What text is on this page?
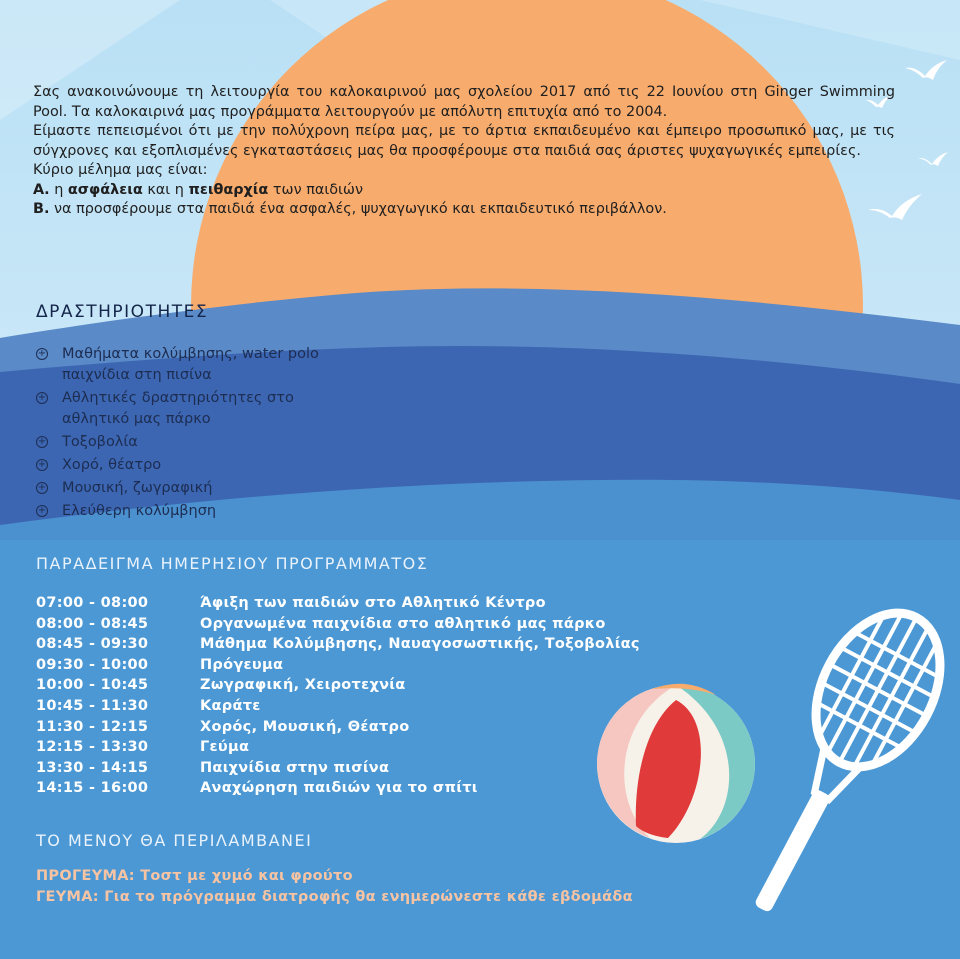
Σας ανακοινώνουμε τη λειτουργία του καλοκαιρινού μας σχολείου 2017 από τις 22 Ιουνίου στη Ginger Swimming Pool. Τα καλοκαιρινά μας προγράμματα λειτουργούν με απόλυτη επιτυχία από το 2004.

Είμαστε πεπεισμένοι ότι με την πολύχρονη πείρα μας, με το άρτια εκπαιδευμένο και έμπειρο προσωπικό μας, με τις σύγχρονες και εξοπλισμένες εγκαταστάσεις μας θα προσφέρουμε στα παιδιά σας άριστες ψυχαγωγικές εμπειρίες.

Κύριο μέλημα μας είναι:

Α. η ασφάλεια και η πειθαρχία των παιδιών

Β. να προσφέρουμε στα παιδιά ένα ασφαλές, ψυχαγωγικό και εκπαιδευτικό περιβάλλον.

ΔΡΑΣΤΗΡΙΟΤΗΤΕΣ
+ Μαθήματα κολύμβησης, water polo
παιχνίδια στη πισίνα
+ Αθλητικές δραστηριότητες στο
αθλητικό μας πάρκο
+ Τοξοβολία
+ Χορό, θέατρο
+ Μουσική, ζωγραφική
+ Ελεύθερη κολύμβηση
ΠΑΡΑΔΕΙΓΜΑ ΗΜΕΡΗΣΙΟΥ ΠΡΟΓΡΑΜΜΑΤΟΣ
07:00 - 08:00	Άφιξη των παιδιών στο Αθλητικό Κέντρο
08:00 - 08:45	Οργανωμένα παιχνίδια στο αθλητικό μας πάρκο
08:45 - 09:30	Μάθημα Κολύμβησης, Ναυαγοσωστικής, Τοξοβολίας
09:30 - 10:00	Πρόγευμα
10:00 - 10:45	Ζωγραφική, Χειροτεχνία
10:45 - 11:30	Καράτε
11:30 - 12:15	Χορός, Μουσική, Θέατρο
12:15 - 13:30	Γεύμα
13:30 - 14:15	Παιχνίδια στην πισίνα
14:15 - 16:00	Αναχώρηση παιδιών για το σπίτι
ΤΟ ΜΕΝΟΥ ΘΑ ΠΕΡΙΛΑΜΒΑΝΕΙ
ΠΡΟΓΕΥΜΑ: Τοστ με χυμό και φρούτο
ΓΕΥΜΑ: Για το πρόγραμμα διατροφής θα ενημερώνεστε κάθε εβδομάδα
